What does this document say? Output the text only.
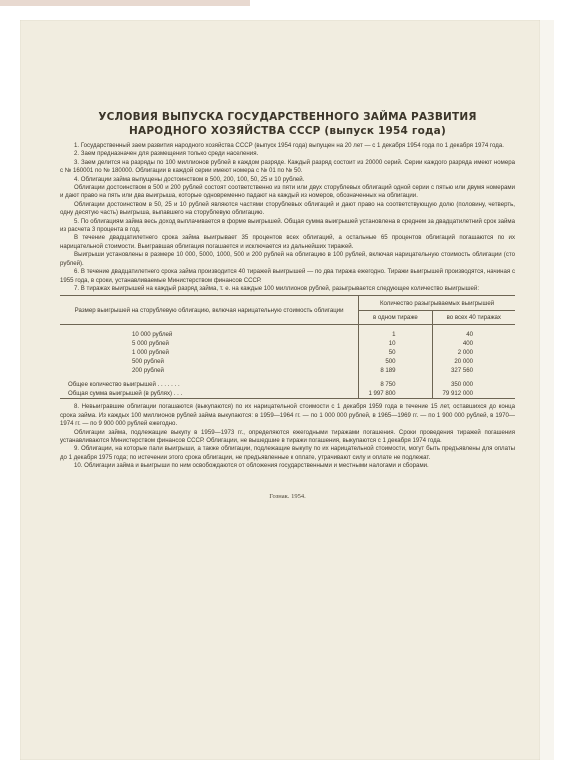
УСЛОВИЯ ВЫПУСКА ГОСУДАРСТВЕННОГО ЗАЙМА РАЗВИТИЯ
НАРОДНОГО ХОЗЯЙСТВА СССР (выпуск 1954 года)

1. Государственный заем развития народного хозяйства СССР (выпуск 1954 года) выпущен на 20 лет — с 1 декабря 1954 года по 1 декабря 1974 года.

2. Заем предназначен для размещения только среди населения.

3. Заем делится на разряды по 100 миллионов рублей в каждом разряде. Каждый разряд состоит из 20000 серий. Серии каждого разряда имеют номера с № 160001 по № 180000. Облигации в каждой серии имеют номера с № 01 по № 50.

4. Облигации займа выпущены достоинством в 500, 200, 100, 50, 25 и 10 рублей.

Облигации достоинством в 500 и 200 рублей состоят соответственно из пяти или двух сторублевых облигаций одной серии с пятью или двумя номерами и дают право на пять или два выигрыша, которые одновременно падают на каждый из номеров, обозначенных на облигации.

Облигации достоинством в 50, 25 и 10 рублей являются частями сторублевых облигаций и дают право на соответствующую долю (половину, четверть, одну десятую часть) выигрыша, выпавшего на сторублевую облигацию.

5. По облигациям займа весь доход выплачивается в форме выигрышей. Общая сумма выигрышей установлена в среднем за двадцатилетний срок займа из расчета 3 процента в год.

В течение двадцатилетнего срока займа выигрывает 35 процентов всех облигаций, а остальные 65 процентов облигаций погашаются по их нарицательной стоимости. Выигравшая облигация погашается и исключается из дальнейших тиражей.

Выигрыши установлены в размере 10 000, 5000, 1000, 500 и 200 рублей на облигацию в 100 рублей, включая нарицательную стоимость облигации (сто рублей).

6. В течение двадцатилетнего срока займа производится 40 тиражей выигрышей — по два тиража ежегодно. Тиражи выигрышей производятся, начиная с 1955 года, в сроки, устанавливаемые Министерством финансов СССР.

7. В тиражах выигрышей на каждый разряд займа, т. е. на каждые 100 миллионов рублей, разыгрывается следующее количество выигрышей:

Размер выигрышей на сторублевую облигацию, включая нарицательную стоимость облигации	Количество разыгрываемых выигрышей	
	в одном тираже	во всех 40 тиражах

10 000 рублей	1	40
5 000 рублей	10	400
1 000 рублей	50	2 000
500 рублей	500	20 000
200 рублей	8 189	327 560

Общее количество выигрышей . . . . . . .	8 750	350 000
Общая сумма выигрышей (в рублях) . . .	1 997 800	79 912 000

8. Невыигравшие облигации погашаются (выкупаются) по их нарицательной стоимости с 1 декабря 1959 года в течение 15 лет, оставшихся до конца срока займа. Из каждых 100 миллионов рублей займа выкупаются: в 1959—1964 гг. — по 1 000 000 рублей, в 1965—1969 гг. — по 1 900 000 рублей, в 1970—1974 гг. — по 9 900 000 рублей ежегодно.

Облигации займа, подлежащие выкупу в 1959—1973 гг., определяются ежегодными тиражами погашения. Сроки проведения тиражей погашения устанавливаются Министерством финансов СССР. Облигации, не вышедшие в тиражи погашения, выкупаются с 1 декабря 1974 года.

9. Облигации, на которые пали выигрыши, а также облигации, подлежащие выкупу по их нарицательной стоимости, могут быть предъявлены для оплаты до 1 декабря 1975 года; по истечении этого срока облигации, не предъявленные к оплате, утрачивают силу и оплате не подлежат.

10. Облигации займа и выигрыши по ним освобождаются от обложения государственными и местными налогами и сборами.

Гознак. 1954.
